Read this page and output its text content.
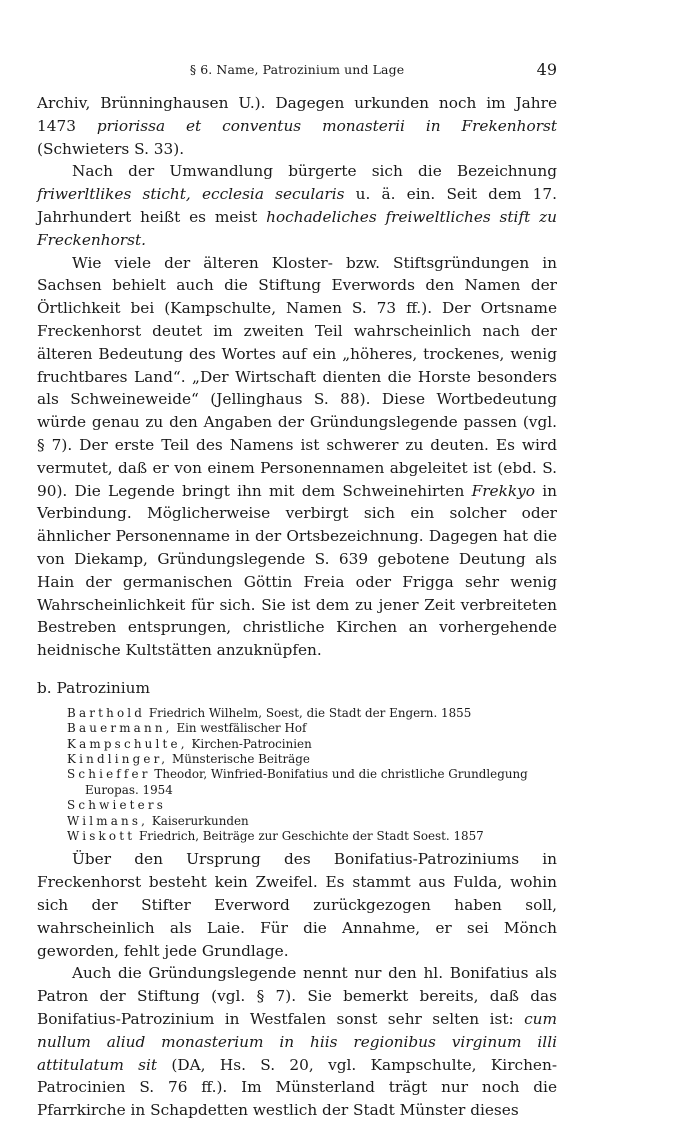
§ 6. Name, Patrozinium und Lage	49

Archiv, Brünninghausen U.). Dagegen urkunden noch im Jahre 1473 priorissa et conventus monasterii in Frekenhorst (Schwieters S. 33).

Nach der Umwandlung bürgerte sich die Bezeichnung friwerltlikes sticht, ecclesia secularis u. ä. ein. Seit dem 17. Jahrhundert heißt es meist hochadeliches freiweltliches stift zu Freckenhorst.

Wie viele der älteren Kloster- bzw. Stiftsgründungen in Sachsen behielt auch die Stiftung Everwords den Namen der Örtlichkeit bei (Kampschulte, Namen S. 73 ff.). Der Ortsname Freckenhorst deutet im zweiten Teil wahrscheinlich nach der älteren Bedeutung des Wortes auf ein „höheres, trockenes, wenig fruchtbares Land“. „Der Wirtschaft dienten die Horste besonders als Schweineweide“ (Jellinghaus S. 88). Diese Wortbedeutung würde genau zu den Angaben der Gründungslegende passen (vgl. § 7). Der erste Teil des Namens ist schwerer zu deuten. Es wird vermutet, daß er von einem Personennamen abgeleitet ist (ebd. S. 90). Die Legende bringt ihn mit dem Schweinehirten Frekkyo in Verbindung. Möglicherweise verbirgt sich ein solcher oder ähnlicher Personenname in der Ortsbezeichnung. Dagegen hat die von Diekamp, Gründungslegende S. 639 gebotene Deutung als Hain der germanischen Göttin Freia oder Frigga sehr wenig Wahrscheinlichkeit für sich. Sie ist dem zu jener Zeit verbreiteten Bestreben entsprungen, christliche Kirchen an vorhergehende heidnische Kultstätten anzuknüpfen.

b. Patrozinium
Barthold Friedrich Wilhelm, Soest, die Stadt der Engern. 1855
Bauermann, Ein westfälischer Hof
Kampschulte, Kirchen-Patrocinien
Kindlinger, Münsterische Beiträge
Schieffer Theodor, Winfried-Bonifatius und die christliche Grundlegung
Europas. 1954
Schwieters
Wilmans, Kaiserurkunden
Wiskott Friedrich, Beiträge zur Geschichte der Stadt Soest. 1857

Über den Ursprung des Bonifatius-Patroziniums in Freckenhorst besteht kein Zweifel. Es stammt aus Fulda, wohin sich der Stifter Everword zurückgezogen haben soll, wahrscheinlich als Laie. Für die Annahme, er sei Mönch geworden, fehlt jede Grundlage.

Auch die Gründungslegende nennt nur den hl. Bonifatius als Patron der Stiftung (vgl. § 7). Sie bemerkt bereits, daß das Bonifatius-Patrozinium in Westfalen sonst sehr selten ist: cum nullum aliud monasterium in hiis regionibus virginum illi attitulatum sit (DA, Hs. S. 20, vgl. Kampschulte, Kirchen-Patrocinien S. 76 ff.). Im Münsterland trägt nur noch die Pfarrkirche in Schapdetten westlich der Stadt Münster dieses
